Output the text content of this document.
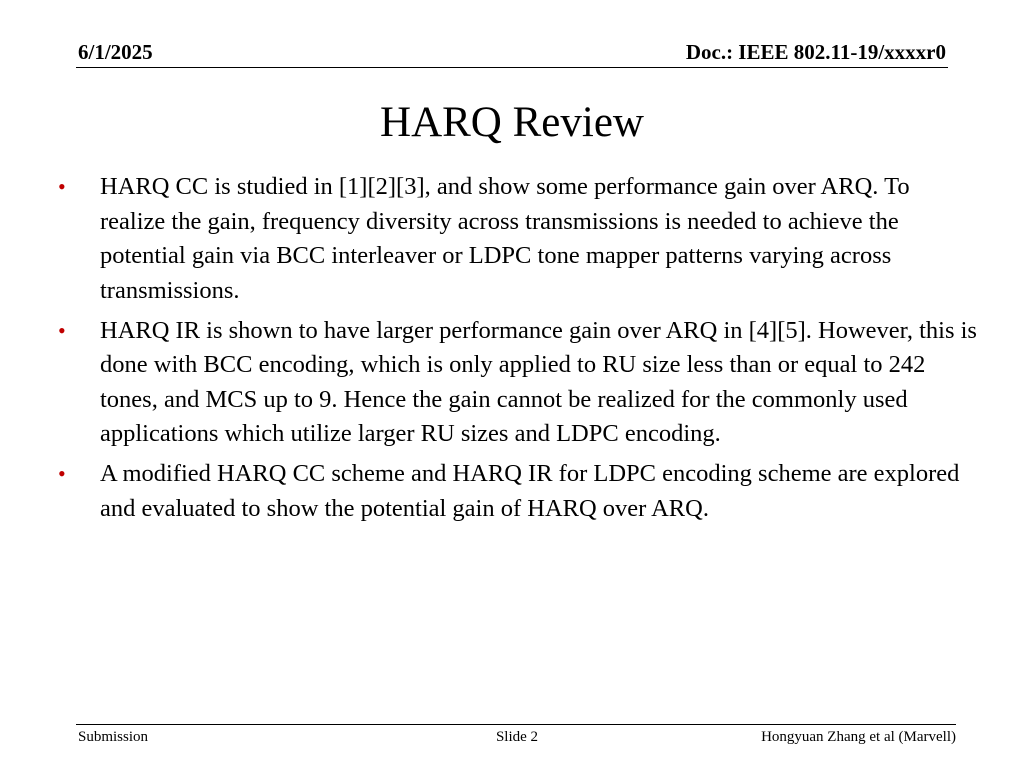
6/1/2025	Doc.: IEEE 802.11-19/xxxxr0
HARQ Review
• HARQ CC is studied in [1][2][3], and show some performance gain over ARQ. To realize the gain, frequency diversity across transmissions is needed to achieve the potential gain via BCC interleaver or LDPC tone mapper patterns varying across transmissions.
• HARQ IR is shown to have larger performance gain over ARQ in [4][5]. However, this is done with BCC encoding, which is only applied to RU size less than or equal to 242 tones, and MCS up to 9. Hence the gain cannot be realized for the commonly used applications which utilize larger RU sizes and LDPC encoding.
• A modified HARQ CC scheme and HARQ IR for LDPC encoding scheme are explored and evaluated to show the potential gain of HARQ over ARQ.
Submission	Slide 2	Hongyuan Zhang et al (Marvell)
